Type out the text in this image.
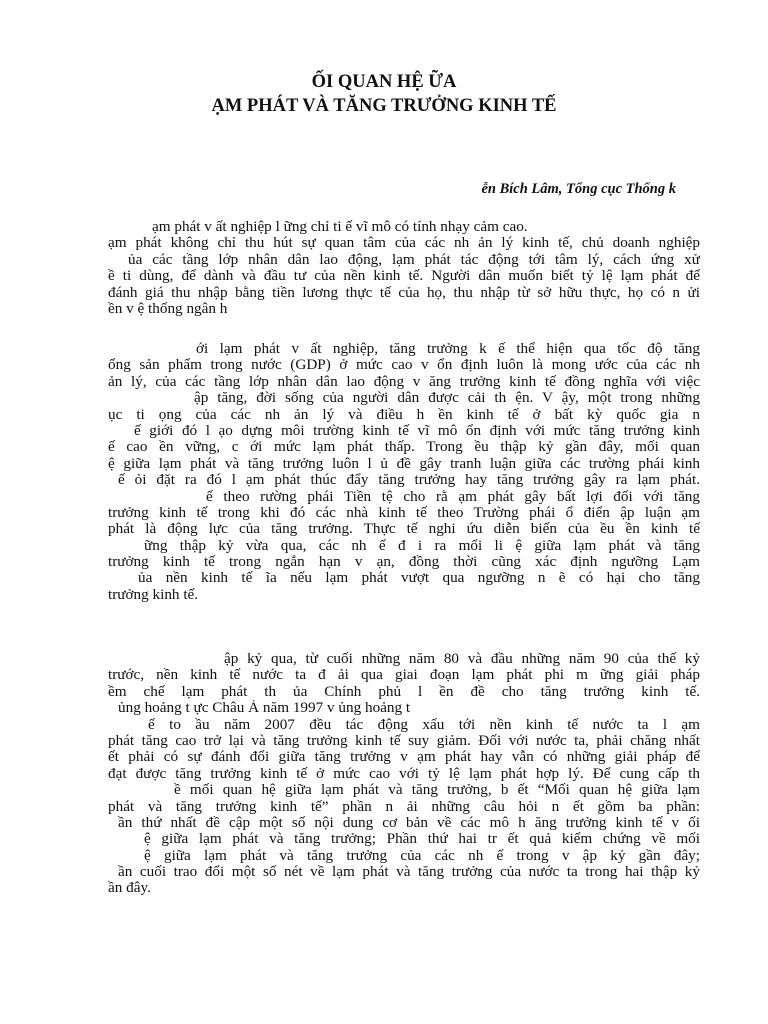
ỐI QUAN HỆ ỮA
ẠM PHÁT VÀ TĂNG TRƯỞNG KINH TẾ

ễn Bích Lâm, Tổng cục Thống k

ạm phát v ất nghiệp l ững chỉ ti ế vĩ mô có tính nhạy cảm cao.
ạm phát không chỉ thu hút sự quan tâm của các nh ản lý kinh tế, chủ doanh nghiệp
ủa các tầng lớp nhân dân lao động, lạm phát tác động tới tâm lý, cách ứng xử
ề ti dùng, để dành và đầu tư của nền kinh tế. Người dân muốn biết tỷ lệ lạm phát để
đánh giá thu nhập bằng tiền lương thực tế của họ, thu nhập từ sở hữu thực, họ có n ửi
ền v ệ thống ngân h
ới lạm phát v ất nghiệp, tăng trưởng k ế thể hiện qua tốc độ tăng
ổng sản phẩm trong nước (GDP) ở mức cao v ổn định luôn là mong ước của các nh
ản lý, của các tầng lớp nhân dân lao động v ăng trưởng kinh tế đồng nghĩa với việc
ập tăng, đời sống của người dân được cải th ện. V ậy, một trong những
ục ti ọng của các nh ản lý và điều h ền kinh tế ở bất kỳ quốc gia n
ế giới đó l ạo dựng môi trường kinh tế vĩ mô ổn định với mức tăng trưởng kinh
ế cao ền vững, c ới mức lạm phát thấp. Trong ều thập kỷ gần đây, mối quan
ệ giữa lạm phát và tăng trưởng luôn l ủ đề gây tranh luận giữa các trường phái kinh
ế ỏi đặt ra đó l ạm phát thúc đẩy tăng trưởng hay tăng trưởng gây ra lạm phát.
ế theo rường phái Tiền tệ cho rằ ạm phát gây bất lợi đối với tăng
trưởng kinh tế trong khi đó các nhà kinh tế theo Trường phái ổ điển ập luận ạm
phát là động lực của tăng trưởng. Thực tế nghi ứu diễn biến của ều ền kinh tế
ững thập kỷ vừa qua, các nh ế đ i ra mối li ệ giữa lạm phát và tăng
trưởng kinh tế trong ngắn hạn v ạn, đồng thời cũng xác định ngưỡng Lạm
ủa nền kinh tế ĩa nếu lạm phát vượt qua ngưỡng n ẽ có hại cho tăng
trưởng kinh tế.
ập kỷ qua, từ cuối những năm 80 và đầu những năm 90 của thế kỷ
trước, nền kinh tế nước ta đ ải qua giai đoạn lạm phát phi m ững giải pháp
ềm chế lạm phát th ủa Chính phủ l ền đề cho tăng trưởng kinh tế.
ủng hoảng t ực Châu Á năm 1997 v ủng hoảng t
ế to ầu năm 2007 đều tác động xấu tới nền kinh tế nước ta l ạm
phát tăng cao trở lại và tăng trưởng kinh tế suy giảm. Đối với nước ta, phải chăng nhất
ết phải có sự đánh đổi giữa tăng trưởng v ạm phát hay vẫn có những giải pháp để
đạt được tăng trưởng kinh tế ở mức cao với tỷ lệ lạm phát hợp lý. Để cung cấp th
ề mối quan hệ giữa lạm phát và tăng trưởng, b ết “Mối quan hệ giữa lạm
phát và tăng trưởng kinh tế” phần n ải những câu hỏi n ết gồm ba phần:
ần thứ nhất đề cập một số nội dung cơ bản về các mô h ăng trưởng kinh tế v ối
ệ giữa lạm phát và tăng trưởng; Phần thứ hai tr ết quả kiểm chứng về mối
ệ giữa lạm phát và tăng trưởng của các nh ế trong v ập kỷ gần đây;
ần cuối trao đổi một số nét về lạm phát và tăng trưởng của nước ta trong hai thập kỷ
ần đây.
